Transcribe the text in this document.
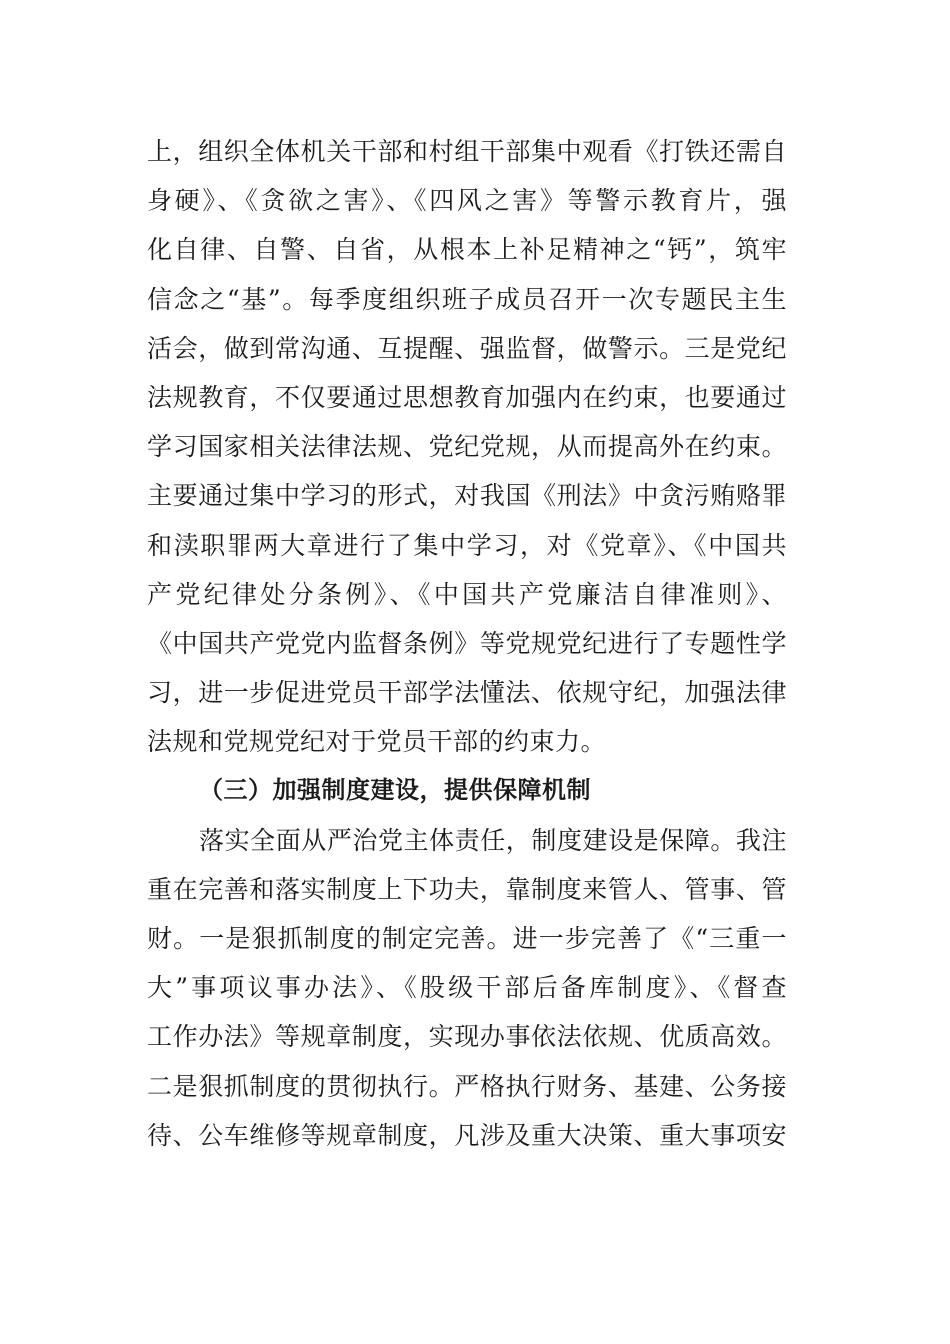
上，组织全体机关干部和村组干部集中观看《打铁还需自
身硬》、《贪欲之害》、《四风之害》等警示教育片，强
化自律、自警、自省，从根本上补足精神之“钙”，筑牢
信念之“基”。每季度组织班子成员召开一次专题民主生
活会，做到常沟通、互提醒、强监督，做警示。三是党纪
法规教育，不仅要通过思想教育加强内在约束，也要通过
学习国家相关法律法规、党纪党规，从而提高外在约束。
主要通过集中学习的形式，对我国《刑法》中贪污贿赂罪
和渎职罪两大章进行了集中学习，对《党章》、《中国共
产党纪律处分条例》、《中国共产党廉洁自律准则》、
《中国共产党党内监督条例》等党规党纪进行了专题性学
习，进一步促进党员干部学法懂法、依规守纪，加强法律
法规和党规党纪对于党员干部的约束力。
（三）加强制度建设，提供保障机制
落实全面从严治党主体责任，制度建设是保障。我注
重在完善和落实制度上下功夫，靠制度来管人、管事、管
财。一是狠抓制度的制定完善。进一步完善了《“三重一
大”事项议事办法》、《股级干部后备库制度》、《督查
工作办法》等规章制度，实现办事依法依规、优质高效。
二是狠抓制度的贯彻执行。严格执行财务、基建、公务接
待、公车维修等规章制度，凡涉及重大决策、重大事项安
